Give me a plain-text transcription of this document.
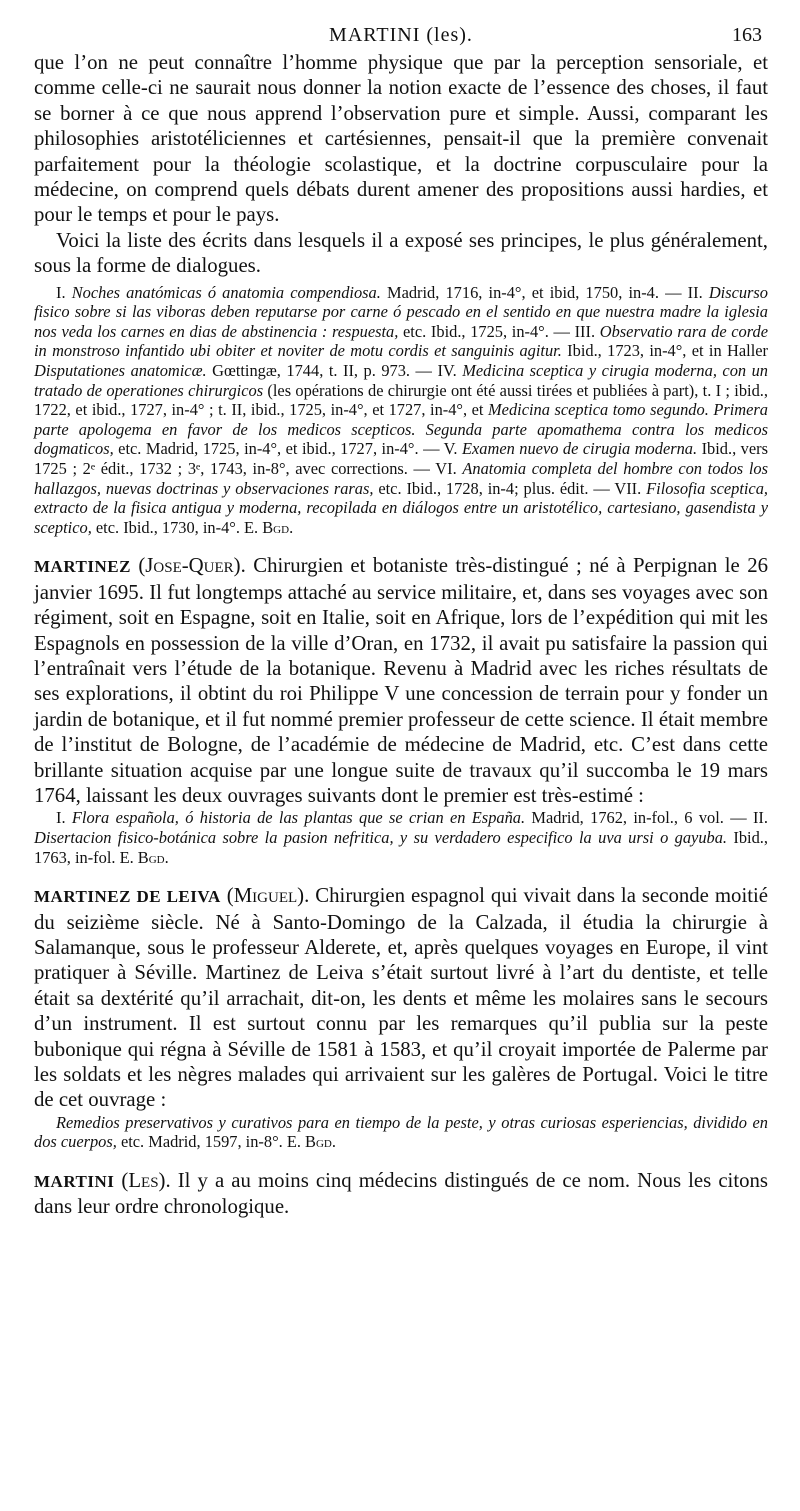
MARTINI (les).	163

que l’on ne peut connaître l’homme physique que par la perception sensoriale, et comme celle-ci ne saurait nous donner la notion exacte de l’essence des choses, il faut se borner à ce que nous apprend l’observation pure et simple. Aussi, comparant les philosophies aristotéliciennes et cartésiennes, pensait-il que la première convenait parfaitement pour la théologie scolastique, et la doctrine corpusculaire pour la médecine, on comprend quels débats durent amener des propositions aussi hardies, et pour le temps et pour le pays.

Voici la liste des écrits dans lesquels il a exposé ses principes, le plus généralement, sous la forme de dialogues.

I. Noches anatómicas ó anatomia compendiosa. Madrid, 1716, in-4°, et ibid, 1750, in-4. — II. Discurso fisico sobre si las viboras deben reputarse por carne ó pescado en el sentido en que nuestra madre la iglesia nos veda los carnes en dias de abstinencia : respuesta, etc. Ibid., 1725, in-4°. — III. Observatio rara de corde in monstroso infantido ubi obiter et noviter de motu cordis et sanguinis agitur. Ibid., 1723, in-4°, et in Haller Disputationes anatomicæ. Gœttingæ, 1744, t. II, p. 973. — IV. Medicina sceptica y cirugia moderna, con un tratado de operationes chirurgicos (les opérations de chirurgie ont été aussi tirées et publiées à part), t. I ; ibid., 1722, et ibid., 1727, in-4° ; t. II, ibid., 1725, in-4°, et 1727, in-4°, et Medicina sceptica tomo segundo. Primera parte apologema en favor de los medicos scepticos. Segunda parte apomathema contra los medicos dogmaticos, etc. Madrid, 1725, in-4°, et ibid., 1727, in-4°. — V. Examen nuevo de cirugia moderna. Ibid., vers 1725 ; 2ᵉ édit., 1732 ; 3ᵉ, 1743, in-8°, avec corrections. — VI. Anatomia completa del hombre con todos los hallazgos, nuevas doctrinas y observaciones raras, etc. Ibid., 1728, in-4; plus. édit. — VII. Filosofia sceptica, extracto de la fisica antigua y moderna, recopilada en diálogos entre un aristotélico, cartesiano, gasendista y sceptico, etc. Ibid., 1730, in-4°. E. Bgd.

MARTINEZ (Jose-Quer). Chirurgien et botaniste très-distingué ; né à Perpignan le 26 janvier 1695. Il fut longtemps attaché au service militaire, et, dans ses voyages avec son régiment, soit en Espagne, soit en Italie, soit en Afrique, lors de l’expédition qui mit les Espagnols en possession de la ville d’Oran, en 1732, il avait pu satisfaire la passion qui l’entraînait vers l’étude de la botanique. Revenu à Madrid avec les riches résultats de ses explorations, il obtint du roi Philippe V une concession de terrain pour y fonder un jardin de botanique, et il fut nommé premier professeur de cette science. Il était membre de l’institut de Bologne, de l’académie de médecine de Madrid, etc. C’est dans cette brillante situation acquise par une longue suite de travaux qu’il succomba le 19 mars 1764, laissant les deux ouvrages suivants dont le premier est très-estimé :

I. Flora española, ó historia de las plantas que se crian en España. Madrid, 1762, in-fol., 6 vol. — II. Disertacion fisico-botánica sobre la pasion nefritica, y su verdadero especifico la uva ursi o gayuba. Ibid., 1763, in-fol. E. Bgd.

MARTINEZ DE LEIVA (Miguel). Chirurgien espagnol qui vivait dans la seconde moitié du seizième siècle. Né à Santo-Domingo de la Calzada, il étudia la chirurgie à Salamanque, sous le professeur Alderete, et, après quelques voyages en Europe, il vint pratiquer à Séville. Martinez de Leiva s’était surtout livré à l’art du dentiste, et telle était sa dextérité qu’il arrachait, dit-on, les dents et même les molaires sans le secours d’un instrument. Il est surtout connu par les remarques qu’il publia sur la peste bubonique qui régna à Séville de 1581 à 1583, et qu’il croyait importée de Palerme par les soldats et les nègres malades qui arrivaient sur les galères de Portugal. Voici le titre de cet ouvrage :

Remedios preservativos y curativos para en tiempo de la peste, y otras curiosas esperiencias, dividido en dos cuerpos, etc. Madrid, 1597, in-8°. E. Bgd.

MARTINI (Les). Il y a au moins cinq médecins distingués de ce nom. Nous les citons dans leur ordre chronologique.
